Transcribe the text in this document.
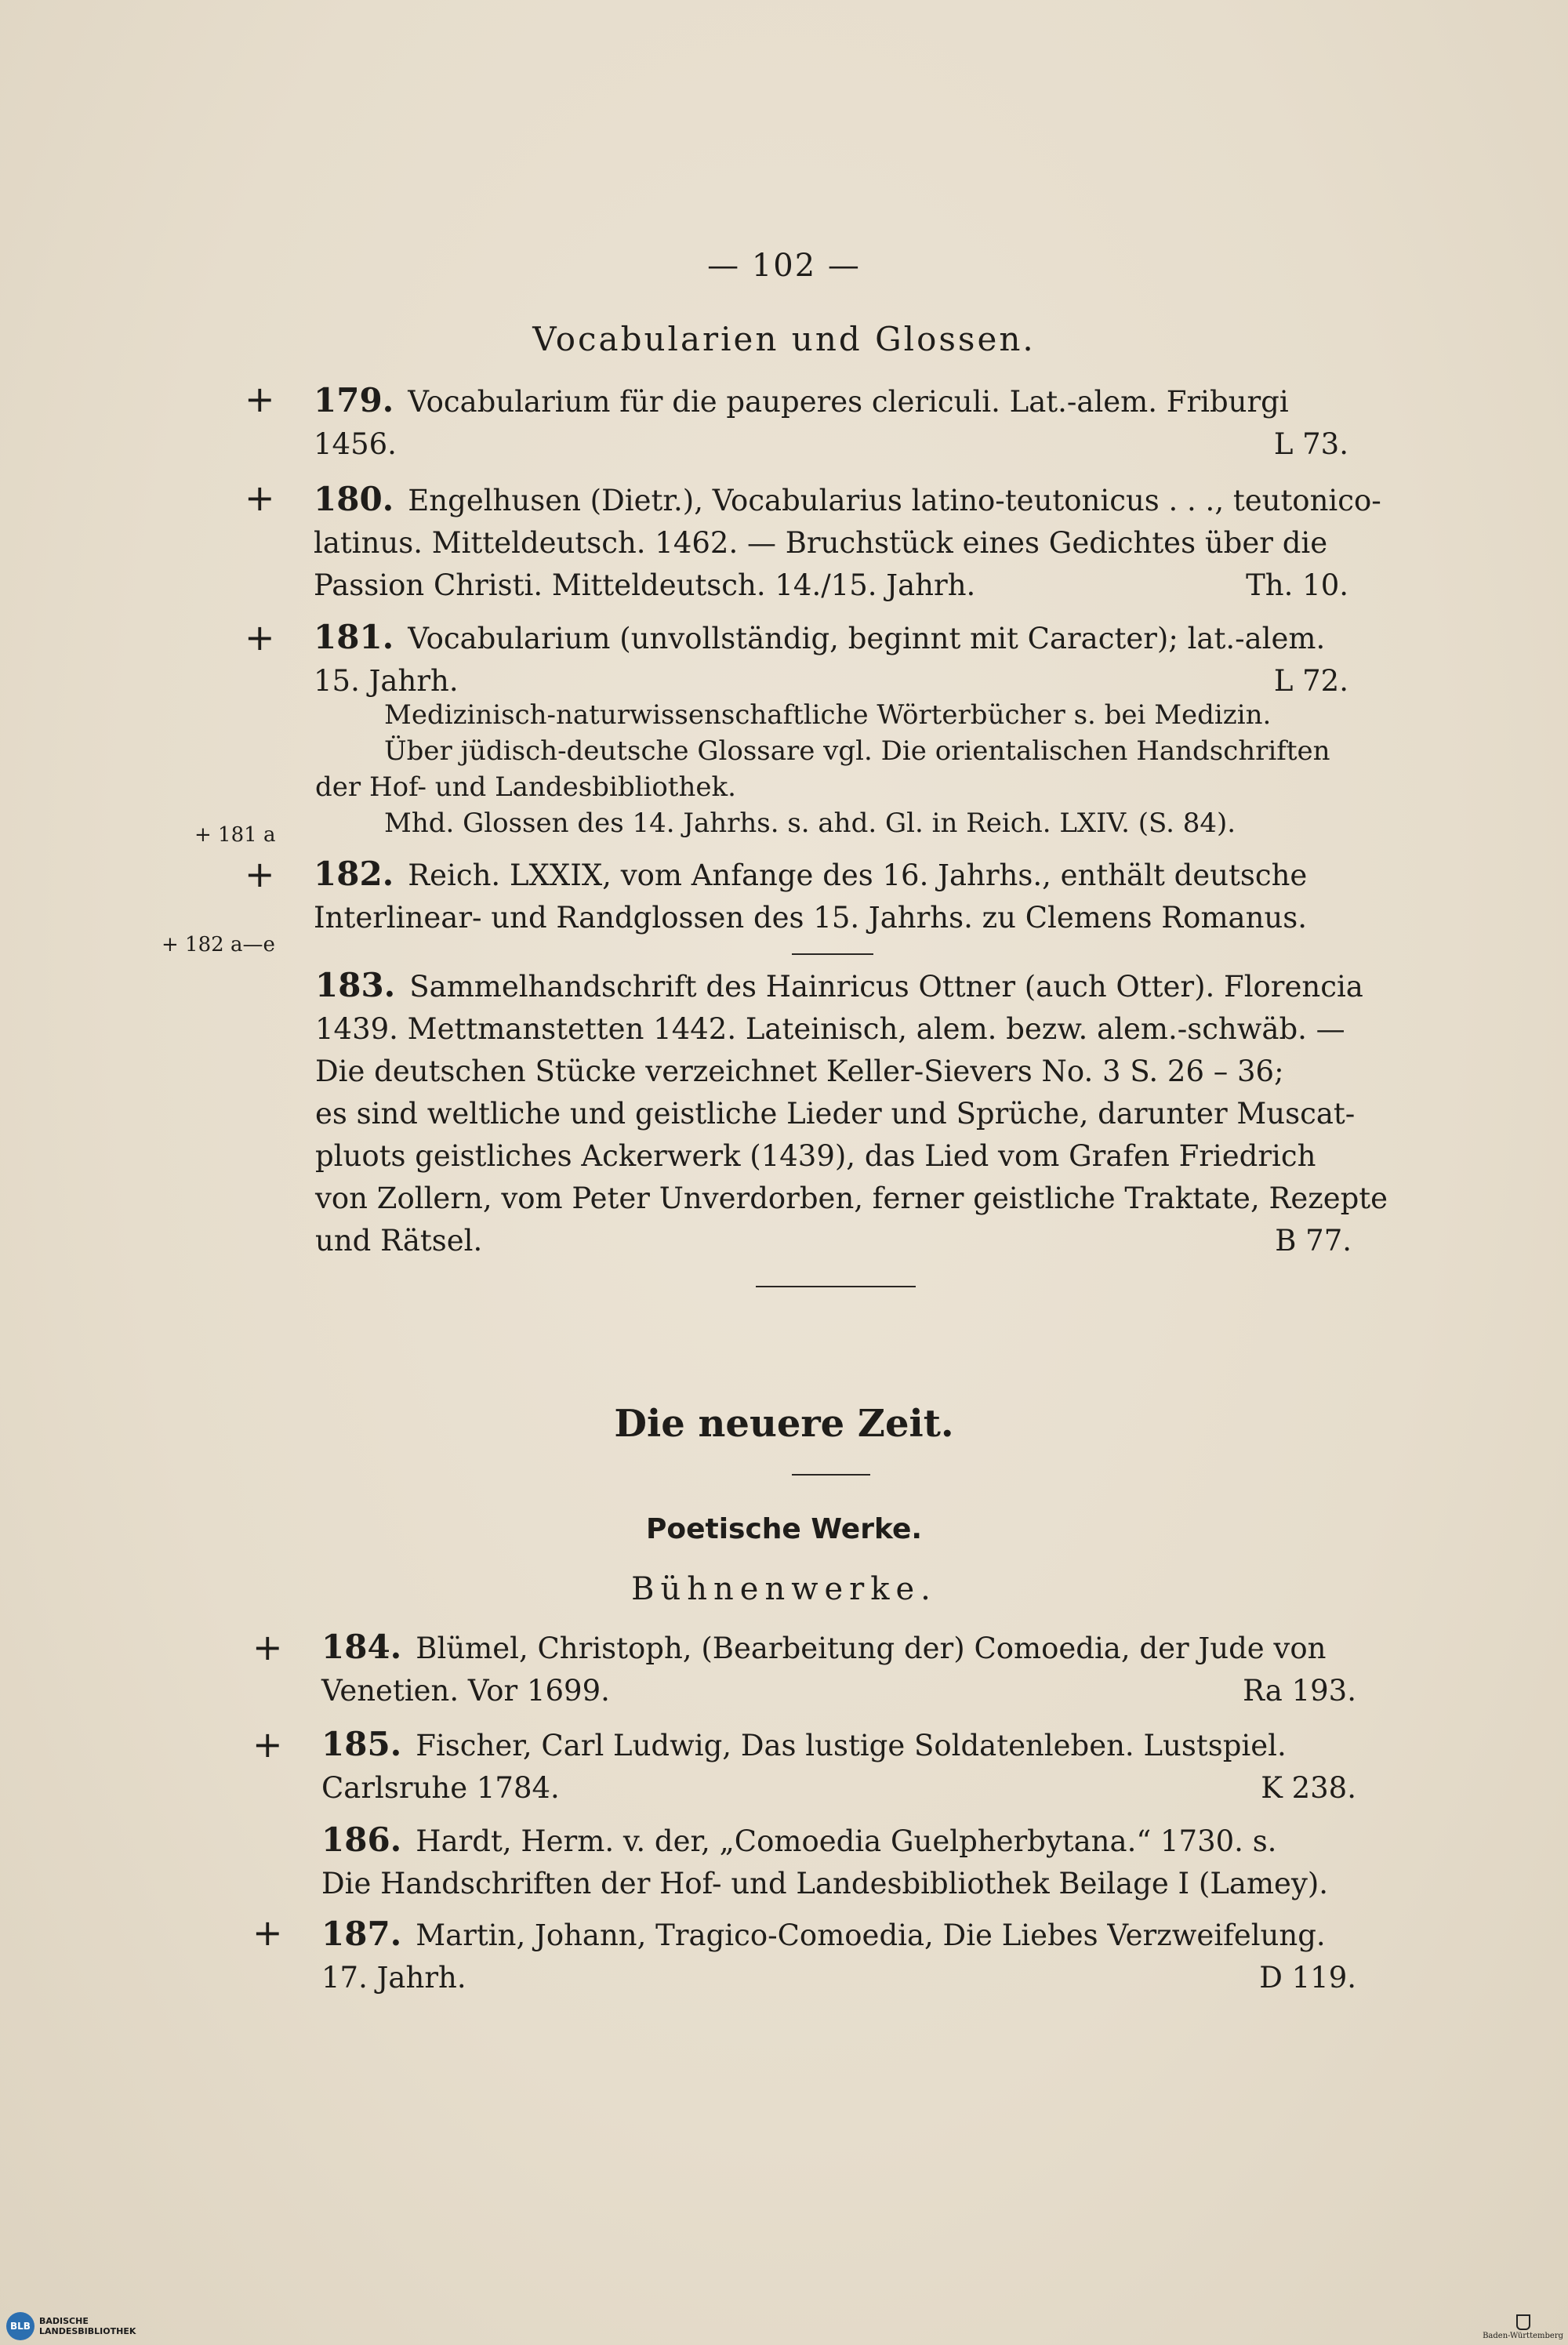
— 102 —
Vocabularien und Glossen.
+ 179. Vocabularium für die pauperes clericuli. Lat.-alem. Friburgi
1456.	L 73.
+ 180. Engelhusen (Dietr.), Vocabularius latino-teutonicus . . ., teutonico-
latinus. Mitteldeutsch. 1462. — Bruchstück eines Gedichtes über die
Passion Christi. Mitteldeutsch. 14./15. Jahrh.	Th. 10.
+ 181. Vocabularium (unvollständig, beginnt mit Caracter); lat.-alem.
15. Jahrh.	L 72.
Medizinisch-naturwissenschaftliche Wörterbücher s. bei Medizin.
Über jüdisch-deutsche Glossare vgl. Die orientalischen Handschriften
der Hof- und Landesbibliothek.
Mhd. Glossen des 14. Jahrhs. s. ahd. Gl. in Reich. LXIV. (S. 84).
+ 181 a
+ 182. Reich. LXXIX, vom Anfange des 16. Jahrhs., enthält deutsche
Interlinear- und Randglossen des 15. Jahrhs. zu Clemens Romanus.
+ 182 a—e
183. Sammelhandschrift des Hainricus Ottner (auch Otter). Florencia
1439. Mettmanstetten 1442. Lateinisch, alem. bezw. alem.-schwäb. —
Die deutschen Stücke verzeichnet Keller-Sievers No. 3 S. 26 – 36;
es sind weltliche und geistliche Lieder und Sprüche, darunter Muscat-
pluots geistliches Ackerwerk (1439), das Lied vom Grafen Friedrich
von Zollern, vom Peter Unverdorben, ferner geistliche Traktate, Rezepte
und Rätsel.	B 77.
Die neuere Zeit.
Poetische Werke.
Bühnenwerke.
+ 184. Blümel, Christoph, (Bearbeitung der) Comoedia, der Jude von
Venetien. Vor 1699.	Ra 193.
+ 185. Fischer, Carl Ludwig, Das lustige Soldatenleben. Lustspiel.
Carlsruhe 1784.	K 238.
186. Hardt, Herm. v. der, „Comoedia Guelpherbytana.“ 1730. s.
Die Handschriften der Hof- und Landesbibliothek Beilage I (Lamey).
+ 187. Martin, Johann, Tragico-Comoedia, Die Liebes Verzweifelung.
17. Jahrh.	D 119.
BLB	BADISCHE
LANDESBIBLIOTHEK	Baden-Württemberg
